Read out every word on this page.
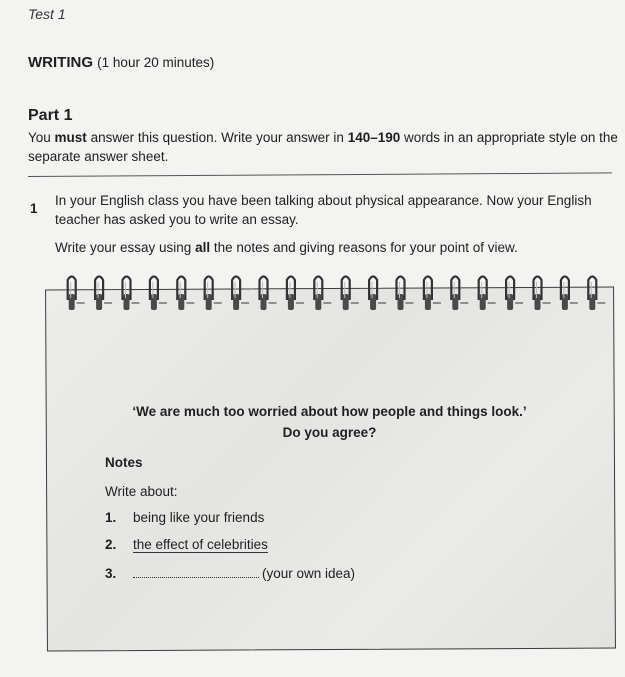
Test 1
WRITING (1 hour 20 minutes)
Part 1
You must answer this question. Write your answer in 140–190 words in an appropriate style on the separate answer sheet.
1
In your English class you have been talking about physical appearance. Now your English teacher has asked you to write an essay.
Write your essay using all the notes and giving reasons for your point of view.
‘We are much too worried about how people and things look.’
Do you agree?
Notes
Write about:
1. being like your friends
2. the effect of celebrities
3.	(your own idea)
